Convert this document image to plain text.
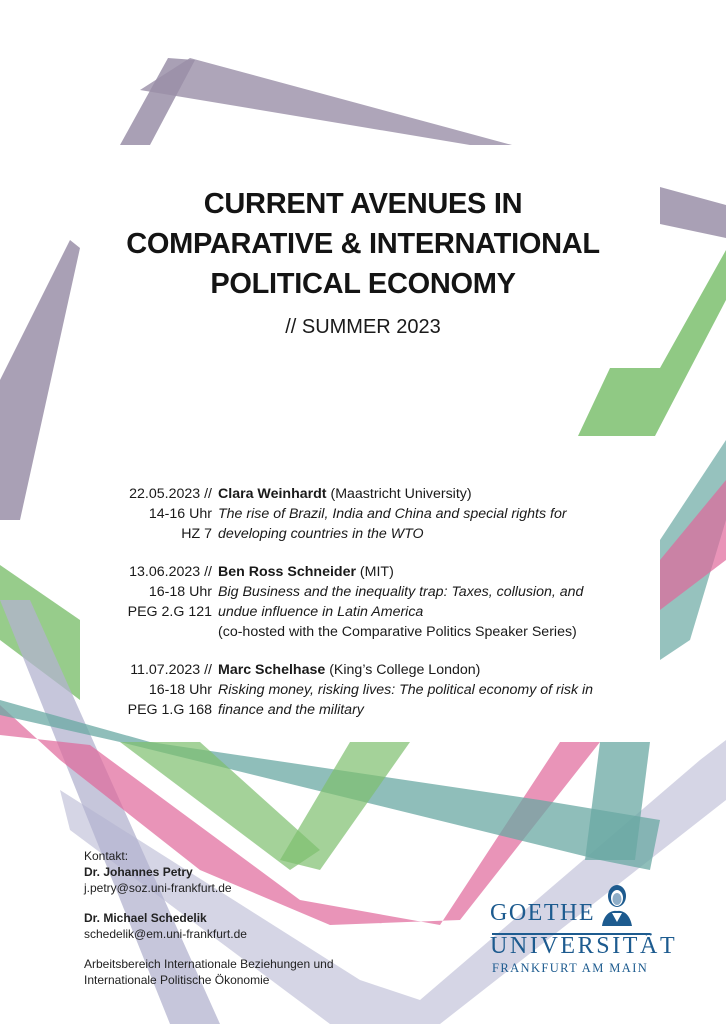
CURRENT AVENUES IN
COMPARATIVE & INTERNATIONAL
POLITICAL ECONOMY
// SUMMER 2023
22.05.2023 //
14-16 Uhr
HZ 7
Clara Weinhardt (Maastricht University)
The rise of Brazil, India and China and special rights for
developing countries in the WTO
13.06.2023 //
16-18 Uhr
PEG 2.G 121
Ben Ross Schneider (MIT)
Big Business and the inequality trap: Taxes, collusion, and
undue influence in Latin America
(co-hosted with the Comparative Politics Speaker Series)
11.07.2023 //
16-18 Uhr
PEG 1.G 168
Marc Schelhase (King’s College London)
Risking money, risking lives: The political economy of risk in
finance and the military
Kontakt:
Dr. Johannes Petry
j.petry@soz.uni-frankfurt.de
Dr. Michael Schedelik
schedelik@em.uni-frankfurt.de
Arbeitsbereich Internationale Beziehungen und
Internationale Politische Ökonomie
GOETHE
UNIVERSITÄT
FRANKFURT AM MAIN
